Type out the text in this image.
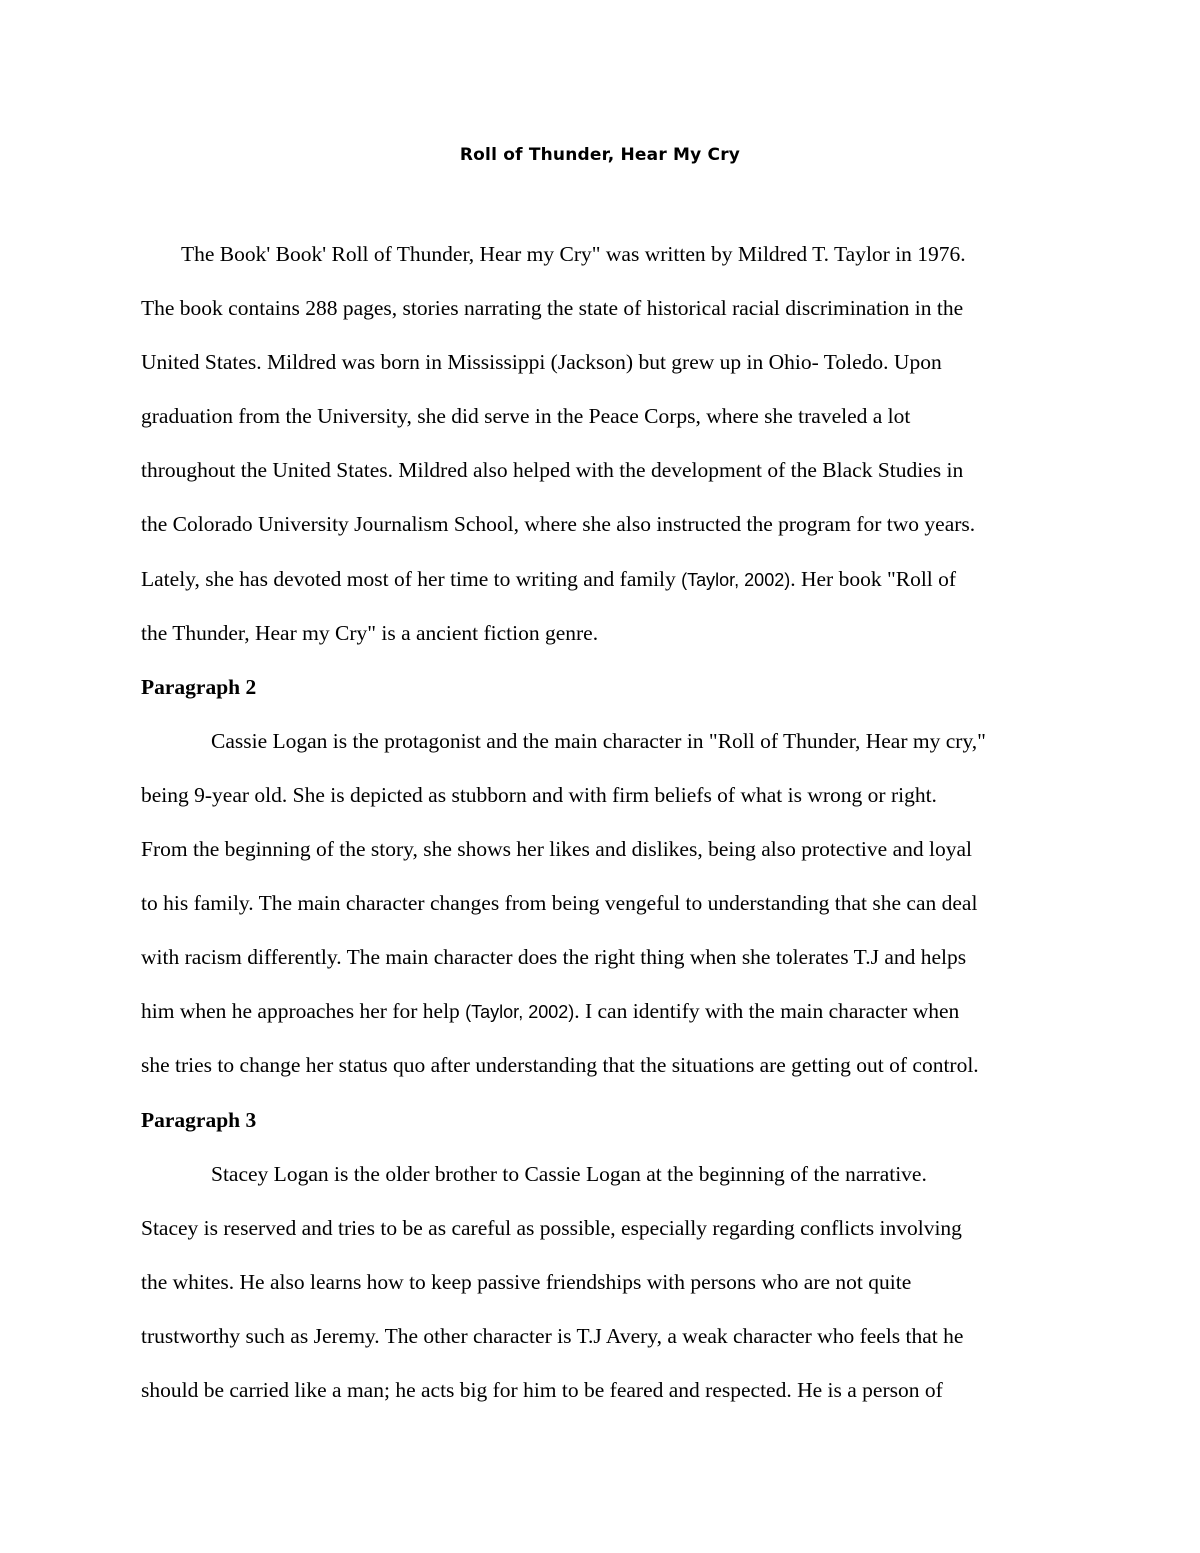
Roll of Thunder, Hear My Cry

The Book' Book' Roll of Thunder, Hear my Cry" was written by Mildred T. Taylor in 1976.

The book contains 288 pages, stories narrating the state of historical racial discrimination in the

United States. Mildred was born in Mississippi (Jackson) but grew up in Ohio- Toledo. Upon

graduation from the University, she did serve in the Peace Corps, where she traveled a lot

throughout the United States. Mildred also helped with the development of the Black Studies in

the Colorado University Journalism School, where she also instructed the program for two years.

Lately, she has devoted most of her time to writing and family (Taylor, 2002). Her book "Roll of

the Thunder, Hear my Cry" is a ancient fiction genre.

Paragraph 2

Cassie Logan is the protagonist and the main character in "Roll of Thunder, Hear my cry,"

being 9-year old. She is depicted as stubborn and with firm beliefs of what is wrong or right.

From the beginning of the story, she shows her likes and dislikes, being also protective and loyal

to his family. The main character changes from being vengeful to understanding that she can deal

with racism differently. The main character does the right thing when she tolerates T.J and helps

him when he approaches her for help (Taylor, 2002). I can identify with the main character when

she tries to change her status quo after understanding that the situations are getting out of control.

Paragraph 3

Stacey Logan is the older brother to Cassie Logan at the beginning of the narrative.

Stacey is reserved and tries to be as careful as possible, especially regarding conflicts involving

the whites. He also learns how to keep passive friendships with persons who are not quite

trustworthy such as Jeremy. The other character is T.J Avery, a weak character who feels that he

should be carried like a man; he acts big for him to be feared and respected. He is a person of
